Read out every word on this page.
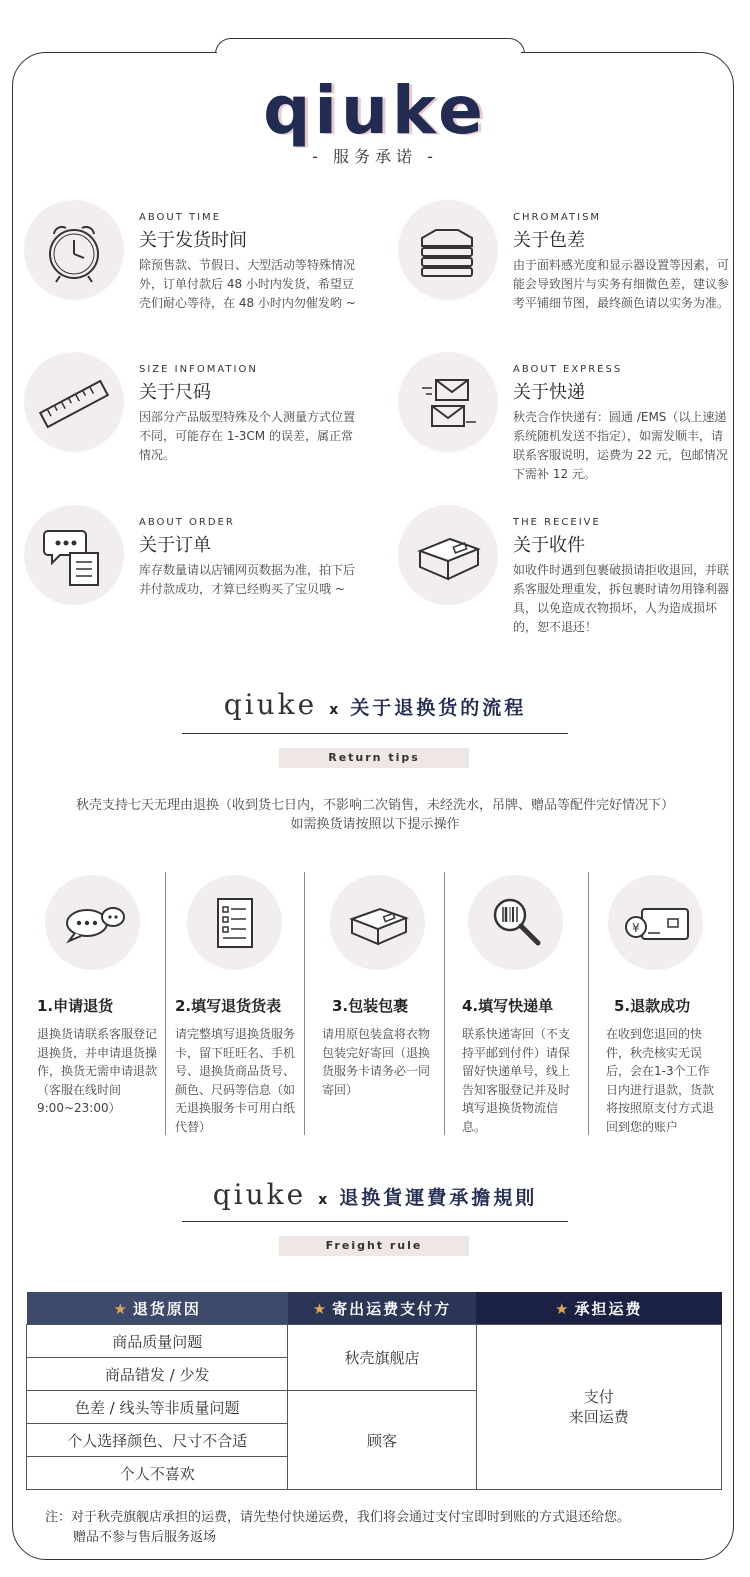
qiuke
- 服务承诺 -
ABOUT TIME
关于发货时间
除预售款、节假日、大型活动等特殊情况外，订单付款后 48 小时内发货，希望豆壳们耐心等待，在 48 小时内勿催发哟 ~
CHROMATISM
关于色差
由于面料感光度和显示器设置等因素，可能会导致图片与实务有细微色差，建议参考平铺细节图，最终颜色请以实务为准。
SIZE INFOMATION
关于尺码
因部分产品版型特殊及个人测量方式位置不同，可能存在 1-3CM 的误差，属正常情况。
ABOUT EXPRESS
关于快递
秋壳合作快递有：圆通 /EMS（以上速递系统随机发送不指定），如需发顺丰，请联系客服说明，运费为 22 元，包邮情况下需补 12 元。
ABOUT ORDER
关于订单
库存数量请以店铺网页数据为准，拍下后并付款成功，才算已经购买了宝贝哦 ~
THE RECEIVE
关于收件
如收件时遇到包裹破损请拒收退回，并联系客服处理重发，拆包裹时请勿用锋利器具，以免造成衣物损坏，人为造成损坏的，恕不退还！
qiuke x 关于退换货的流程
Return tips
秋壳支持七天无理由退换（收到货七日内，不影响二次销售，未经洗水，吊牌、赠品等配件完好情况下）
如需换货请按照以下提示操作
1.申请退货
退换货请联系客服登记退换货，并申请退货操作，换货无需申请退款（客服在线时间9:00~23:00）
2.填写退货货表
请完整填写退换货服务卡，留下旺旺名、手机号、退换货商品货号、颜色、尺码等信息（如无退换服务卡可用白纸代替）
3.包装包裹
请用原包装盒将衣物包装完好寄回（退换货服务卡请务必一同寄回）
4.填写快递单
联系快递寄回（不支持平邮到付件）请保留好快递单号，线上告知客服登记并及时填写退换货物流信息。
¥
5.退款成功
在收到您退回的快件，秋壳核实无误后，会在1-3个工作日内进行退款，货款将按照原支付方式退回到您的账户
qiuke x 退换貨運費承擔規則
Freight rule
★ 退货原因	★ 寄出运费支付方	★ 承担运费
商品质量问题	秋壳旗舰店	支付
来回运费

商品错发 / 少发		
色差 / 线头等非质量问题	顾客	
个人选择颜色、尺寸不合适		
个人不喜欢		
注：对于秋壳旗舰店承担的运费，请先垫付快递运费，我们将会通过支付宝即时到账的方式退还给您。
赠品不参与售后服务返场
